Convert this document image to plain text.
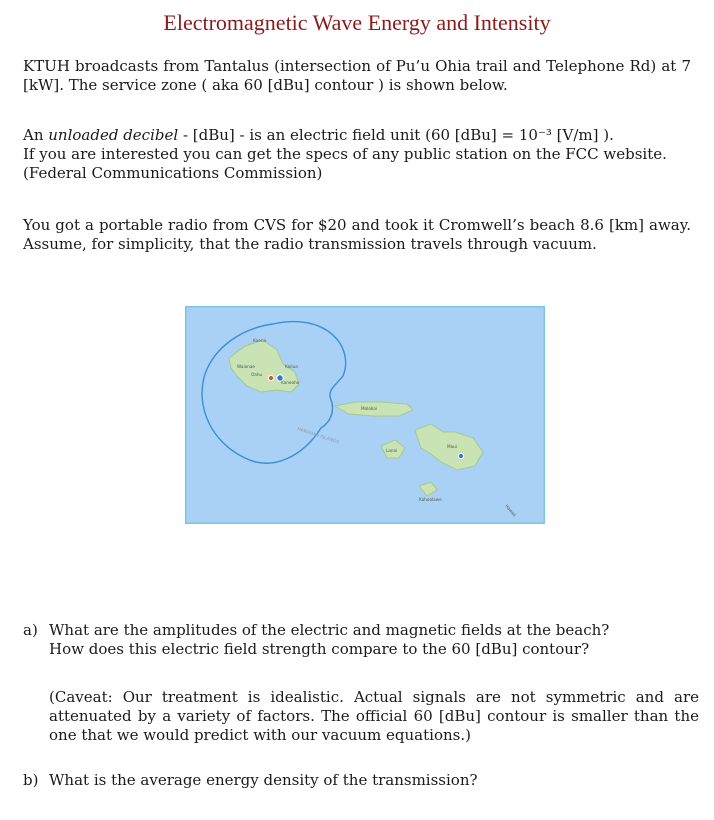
Electromagnetic Wave Energy and Intensity

KTUH broadcasts from Tantalus (intersection of Pu’u Ohia trail and Telephone Rd) at 7 [kW]. The service zone ( aka 60 [dBu] contour ) is shown below.

An unloaded decibel - [dBu] - is an electric field unit (60 [dBu] = 10⁻³ [V/m] ).

If you are interested you can get the specs of any public station on the FCC website.

(Federal Communications Commission)

You got a portable radio from CVS for $20 and took it Cromwell’s beach 8.6 [km] away. Assume, for simplicity, that the radio transmission travels through vacuum.

HAWAIIAN ISLANDS
Kaena
Waianae
Oahu
Kailua
Kaneohe
Molokai
Maui
Lanai
Kahoolawe
Hawaii
a) What are the amplitudes of the electric and magnetic fields at the beach?
How does this electric field strength compare to the 60 [dBu] contour?
(Caveat: Our treatment is idealistic. Actual signals are not symmetric and are attenuated by a variety of factors. The official 60 [dBu] contour is smaller than the one that we would predict with our vacuum equations.)
b) What is the average energy density of the transmission?
